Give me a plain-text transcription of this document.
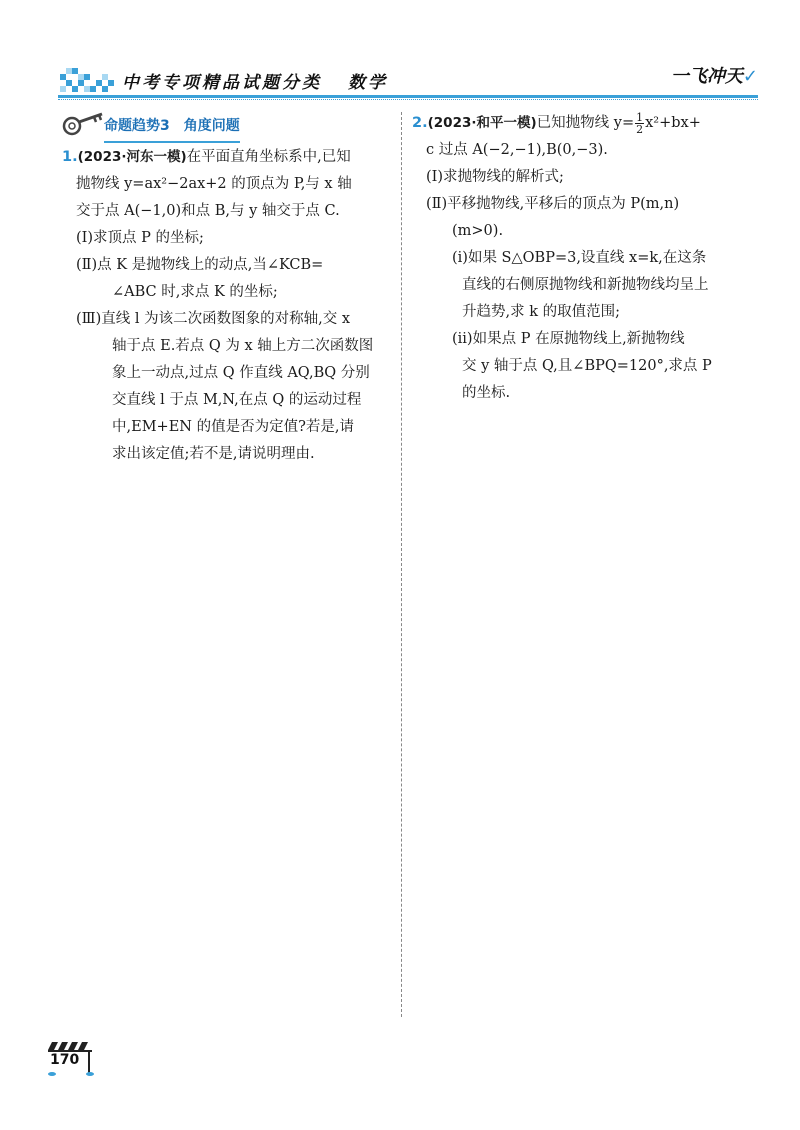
中考专项精品试题分类 数学	一飞冲天✓
命题趋势3　角度问题

1.(2023·河东一模)在平面直角坐标系中,已知

抛物线 y=ax²−2ax+2 的顶点为 P,与 x 轴

交于点 A(−1,0)和点 B,与 y 轴交于点 C.

(Ⅰ)求顶点 P 的坐标;

(Ⅱ)点 K 是抛物线上的动点,当∠KCB=

∠ABC 时,求点 K 的坐标;

(Ⅲ)直线 l 为该二次函数图象的对称轴,交 x

轴于点 E.若点 Q 为 x 轴上方二次函数图

象上一动点,过点 Q 作直线 AQ,BQ 分别

交直线 l 于点 M,N,在点 Q 的运动过程

中,EM+EN 的值是否为定值?若是,请

求出该定值;若不是,请说明理由.

2.(2023·和平一模)已知抛物线 $y= \frac{1}{2} x^2+bx+$

c 过点 A(−2,−1),B(0,−3).

(Ⅰ)求抛物线的解析式;

(Ⅱ)平移抛物线,平移后的顶点为 P(m,n)

(m>0).

(ⅰ)如果 S△OBP=3,设直线 x=k,在这条

直线的右侧原抛物线和新抛物线均呈上

升趋势,求 k 的取值范围;

(ⅱ)如果点 P 在原抛物线上,新抛物线

交 y 轴于点 Q,且∠BPQ=120°,求点 P

的坐标.

170
